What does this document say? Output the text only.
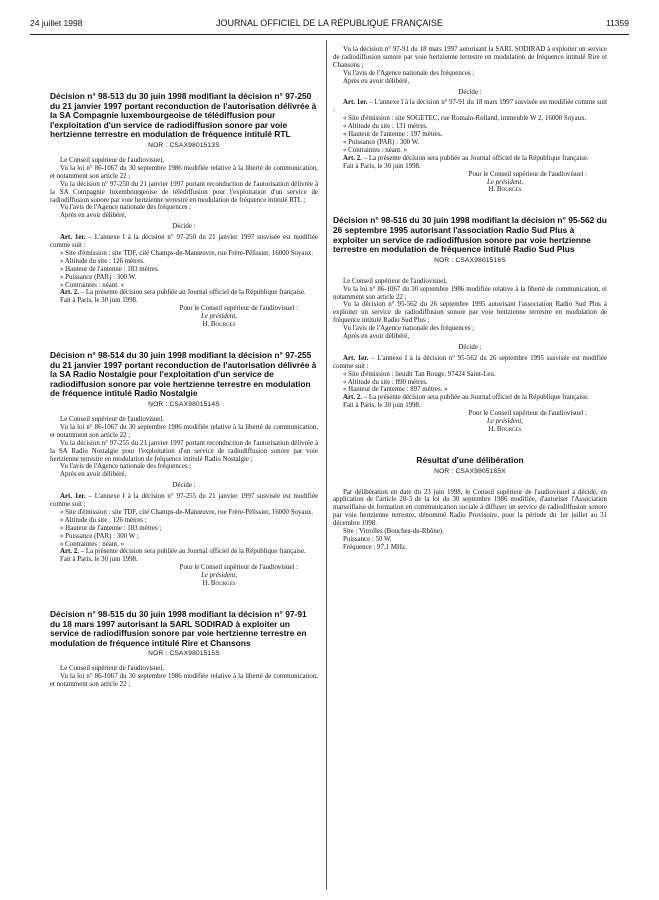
24 juillet 1998	JOURNAL OFFICIEL DE LA RÉPUBLIQUE FRANÇAISE	11359
Décision n° 98-513 du 30 juin 1998 modifiant la décision n° 97-250 du 21 janvier 1997 portant reconduction de l'autorisation délivrée à la SA Compagnie luxembourgeoise de télédiffusion pour l'exploitation d'un service de radiodiffusion sonore par voie hertzienne terrestre en modulation de fréquence intitulé RTL
NOR : CSAX9801513S

Le Conseil supérieur de l'audiovisuel,

Vu la loi n° 86-1067 du 30 septembre 1986 modifiée relative à la liberté de communication, et notamment son article 22 ;

Vu la décision n° 97-250 du 21 janvier 1997 portant reconduction de l'autorisation délivrée à la SA Compagnie luxembourgeoise de télédiffusion pour l'exploitation d'un service de radiodiffusion sonore par voie hertzienne terrestre en modulation de fréquence intitulé RTL ;

Vu l'avis de l'Agence nationale des fréquences ;

Après en avoir délibéré,

Décide :

Art. 1er. – L'annexe I à la décision n° 97-250 du 21 janvier 1997 susvisée est modifiée comme suit :

« Site d'émission : site TDF, cité Champs-de-Manœuvre, rue Frère-Pélissier, 16000 Soyaux.

« Altitude du site : 126 mètres.

« Hauteur de l'antenne : 183 mètres.

« Puissance (PAR) : 300 W.

« Contraintes : néant. »

Art. 2. – La présente décision sera publiée au Journal officiel de la République française.

Fait à Paris, le 30 juin 1998.

Pour le Conseil supérieur de l'audiovisuel :

Le président,

H. Bourges

Décision n° 98-514 du 30 juin 1998 modifiant la décision n° 97-255 du 21 janvier 1997 portant reconduction de l'autorisation délivrée à la SA Radio Nostalgie pour l'exploitation d'un service de radiodiffusion sonore par voie hertzienne terrestre en modulation de fréquence intitulé Radio Nostalgie
NOR : CSAX9801514S

Le Conseil supérieur de l'audiovisuel,

Vu la loi n° 86-1067 du 30 septembre 1986 modifiée relative à la liberté de communication, et notamment son article 22 ;

Vu la décision n° 97-255 du 21 janvier 1997 portant reconduction de l'autorisation délivrée à la SA Radio Nostalgie pour l'exploitation d'un service de radiodiffusion sonore par voie hertzienne terrestre en modulation de fréquence intitulé Radio Nostalgie ;

Vu l'avis de l'Agence nationale des fréquences ;

Après en avoir délibéré,

Décide :

Art. 1er. – L'annexe I à la décision n° 97-255 du 21 janvier 1997 susvisée est modifiée comme suit :

« Site d'émission : site TDF, cité Champs-de-Manœuvre, rue Frère-Pélissier, 16000 Soyaux.

« Altitude du site : 126 mètres ;

« Hauteur de l'antenne : 183 mètres ;

« Puissance (PAR) : 300 W ;

« Contraintes : néant. »

Art. 2. – La présente décision sera publiée au Journal officiel de la République française.

Fait à Paris, le 30 juin 1998.

Pour le Conseil supérieur de l'audiovisuel :

Le président,

H. Bourges

Décision n° 98-515 du 30 juin 1998 modifiant la décision n° 97-91 du 18 mars 1997 autorisant la SARL SODIRAD à exploiter un service de radiodiffusion sonore par voie hertzienne terrestre en modulation de fréquence intitulé Rire et Chansons
NOR : CSAX9801515S

Le Conseil supérieur de l'audiovisuel,

Vu la loi n° 86-1067 du 30 septembre 1986 modifiée relative à la liberté de communication, et notamment son article 22 ;

Vu la décision n° 97-91 du 18 mars 1997 autorisant la SARL SODIRAD à exploiter un service de radiodiffusion sonore par voie hertzienne terrestre en modulation de fréquence intitulé Rire et Chansons ;

Vu l'avis de l'Agence nationale des fréquences ;

Après en avoir délibéré,

Décide :

Art. 1er. – L'annexe I à la décision n° 97-91 du 18 mars 1997 susvisée est modifiée comme suit :

« Site d'émission : site SOGETEC, rue Romain-Rolland, immeuble W 2, 16000 Soyaux.

« Altitude du site : 131 mètres.

« Hauteur de l'antenne : 197 mètres.

« Puissance (PAR) : 300 W.

« Contraintes : néant. »

Art. 2. – La présente décision sera publiée au Journal officiel de la République française.

Fait à Paris, le 30 juin 1998.

Pour le Conseil supérieur de l'audiovisuel :

Le président,

H. Bourges

Décision n° 98-516 du 30 juin 1998 modifiant la décision n° 95-562 du 26 septembre 1995 autorisant l'association Radio Sud Plus à exploiter un service de radiodiffusion sonore par voie hertzienne terrestre en modulation de fréquence intitulé Radio Sud Plus
NOR : CSAX9801516S

Le Conseil supérieur de l'audiovisuel,

Vu la loi n° 86-1067 du 30 septembre 1986 modifiée relative à la liberté de communication, et notamment son article 22 ;

Vu la décision n° 95-562 du 26 septembre 1995 autorisant l'association Radio Sud Plus à exploiter un service de radiodiffusion sonore par voie hertzienne terrestre en modulation de fréquence intitulé Radio Sud Plus ;

Vu l'avis de l'Agence nationale des fréquences ;

Après en avoir délibéré,

Décide :

Art. 1er. – L'annexe I à la décision n° 95-562 du 26 septembre 1995 susvisée est modifiée comme suit :

« Site d'émission : lieudit Tan Rouge, 97424 Saint-Leu.

« Altitude du site : 890 mètres.

« Hauteur de l'antenne : 897 mètres. »

Art. 2. – La présente décision sera publiée au Journal officiel de la République française.

Fait à Paris, le 30 juin 1998.

Pour le Conseil supérieur de l'audiovisuel :

Le président,

H. Bourges

Résultat d'une délibération
NOR : CSAX9805165X

Par délibération en date du 23 juin 1998, le Conseil supérieur de l'audiovisuel a décidé, en application de l'article 28-3 de la loi du 30 septembre 1986 modifiée, d'autoriser l'Association marseillaise de formation en communication sociale à diffuser un service de radiodiffusion sonore par voie hertzienne terrestre, dénommé Radio Provisoire, pour la période du 1er juillet au 31 décembre 1998.

Site : Vitrolles (Bouches-du-Rhône).

Puissance : 50 W.

Fréquence : 97,1 MHz.
